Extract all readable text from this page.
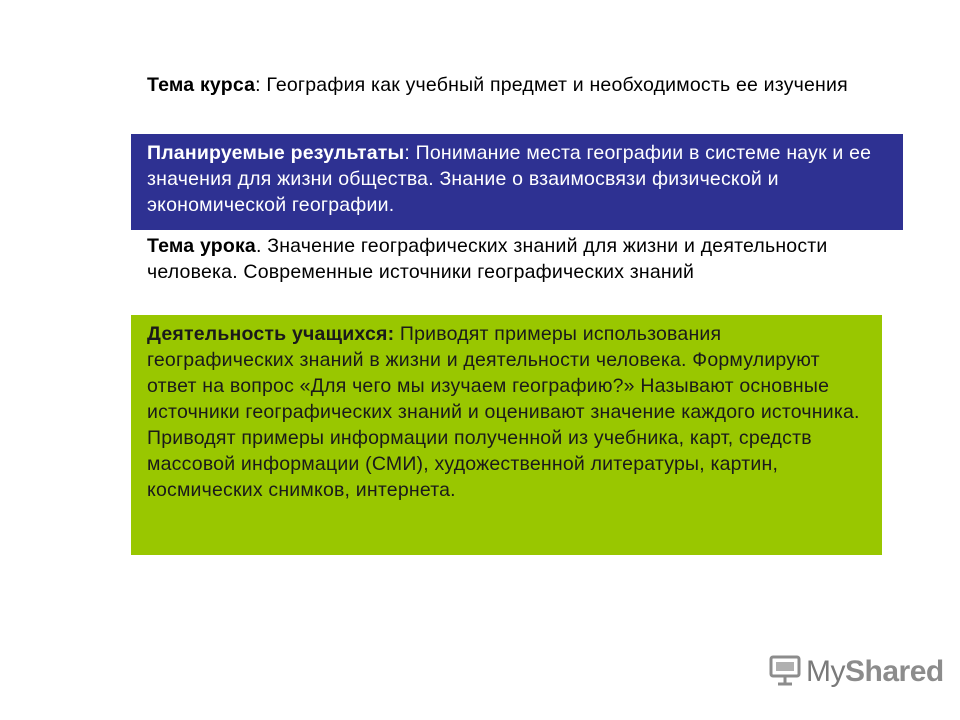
Тема курса: География как учебный предмет и необходимость ее изучения
Планируемые результаты: Понимание места географии в системе наук и ее значения для жизни общества. Знание о взаимосвязи физической и экономической географии.
Тема урока. Значение географических знаний для жизни и деятельности человека. Современные источники географических знаний
Деятельность учащихся: Приводят примеры использования географических знаний в жизни и деятельности человека. Формулируют ответ на вопрос «Для чего мы изучаем географию?» Называют основные источники географических знаний и оценивают значение каждого источника. Приводят примеры информации полученной из учебника, карт, средств массовой информации (СМИ), художественной литературы, картин, космических снимков, интернета.
MyShared
